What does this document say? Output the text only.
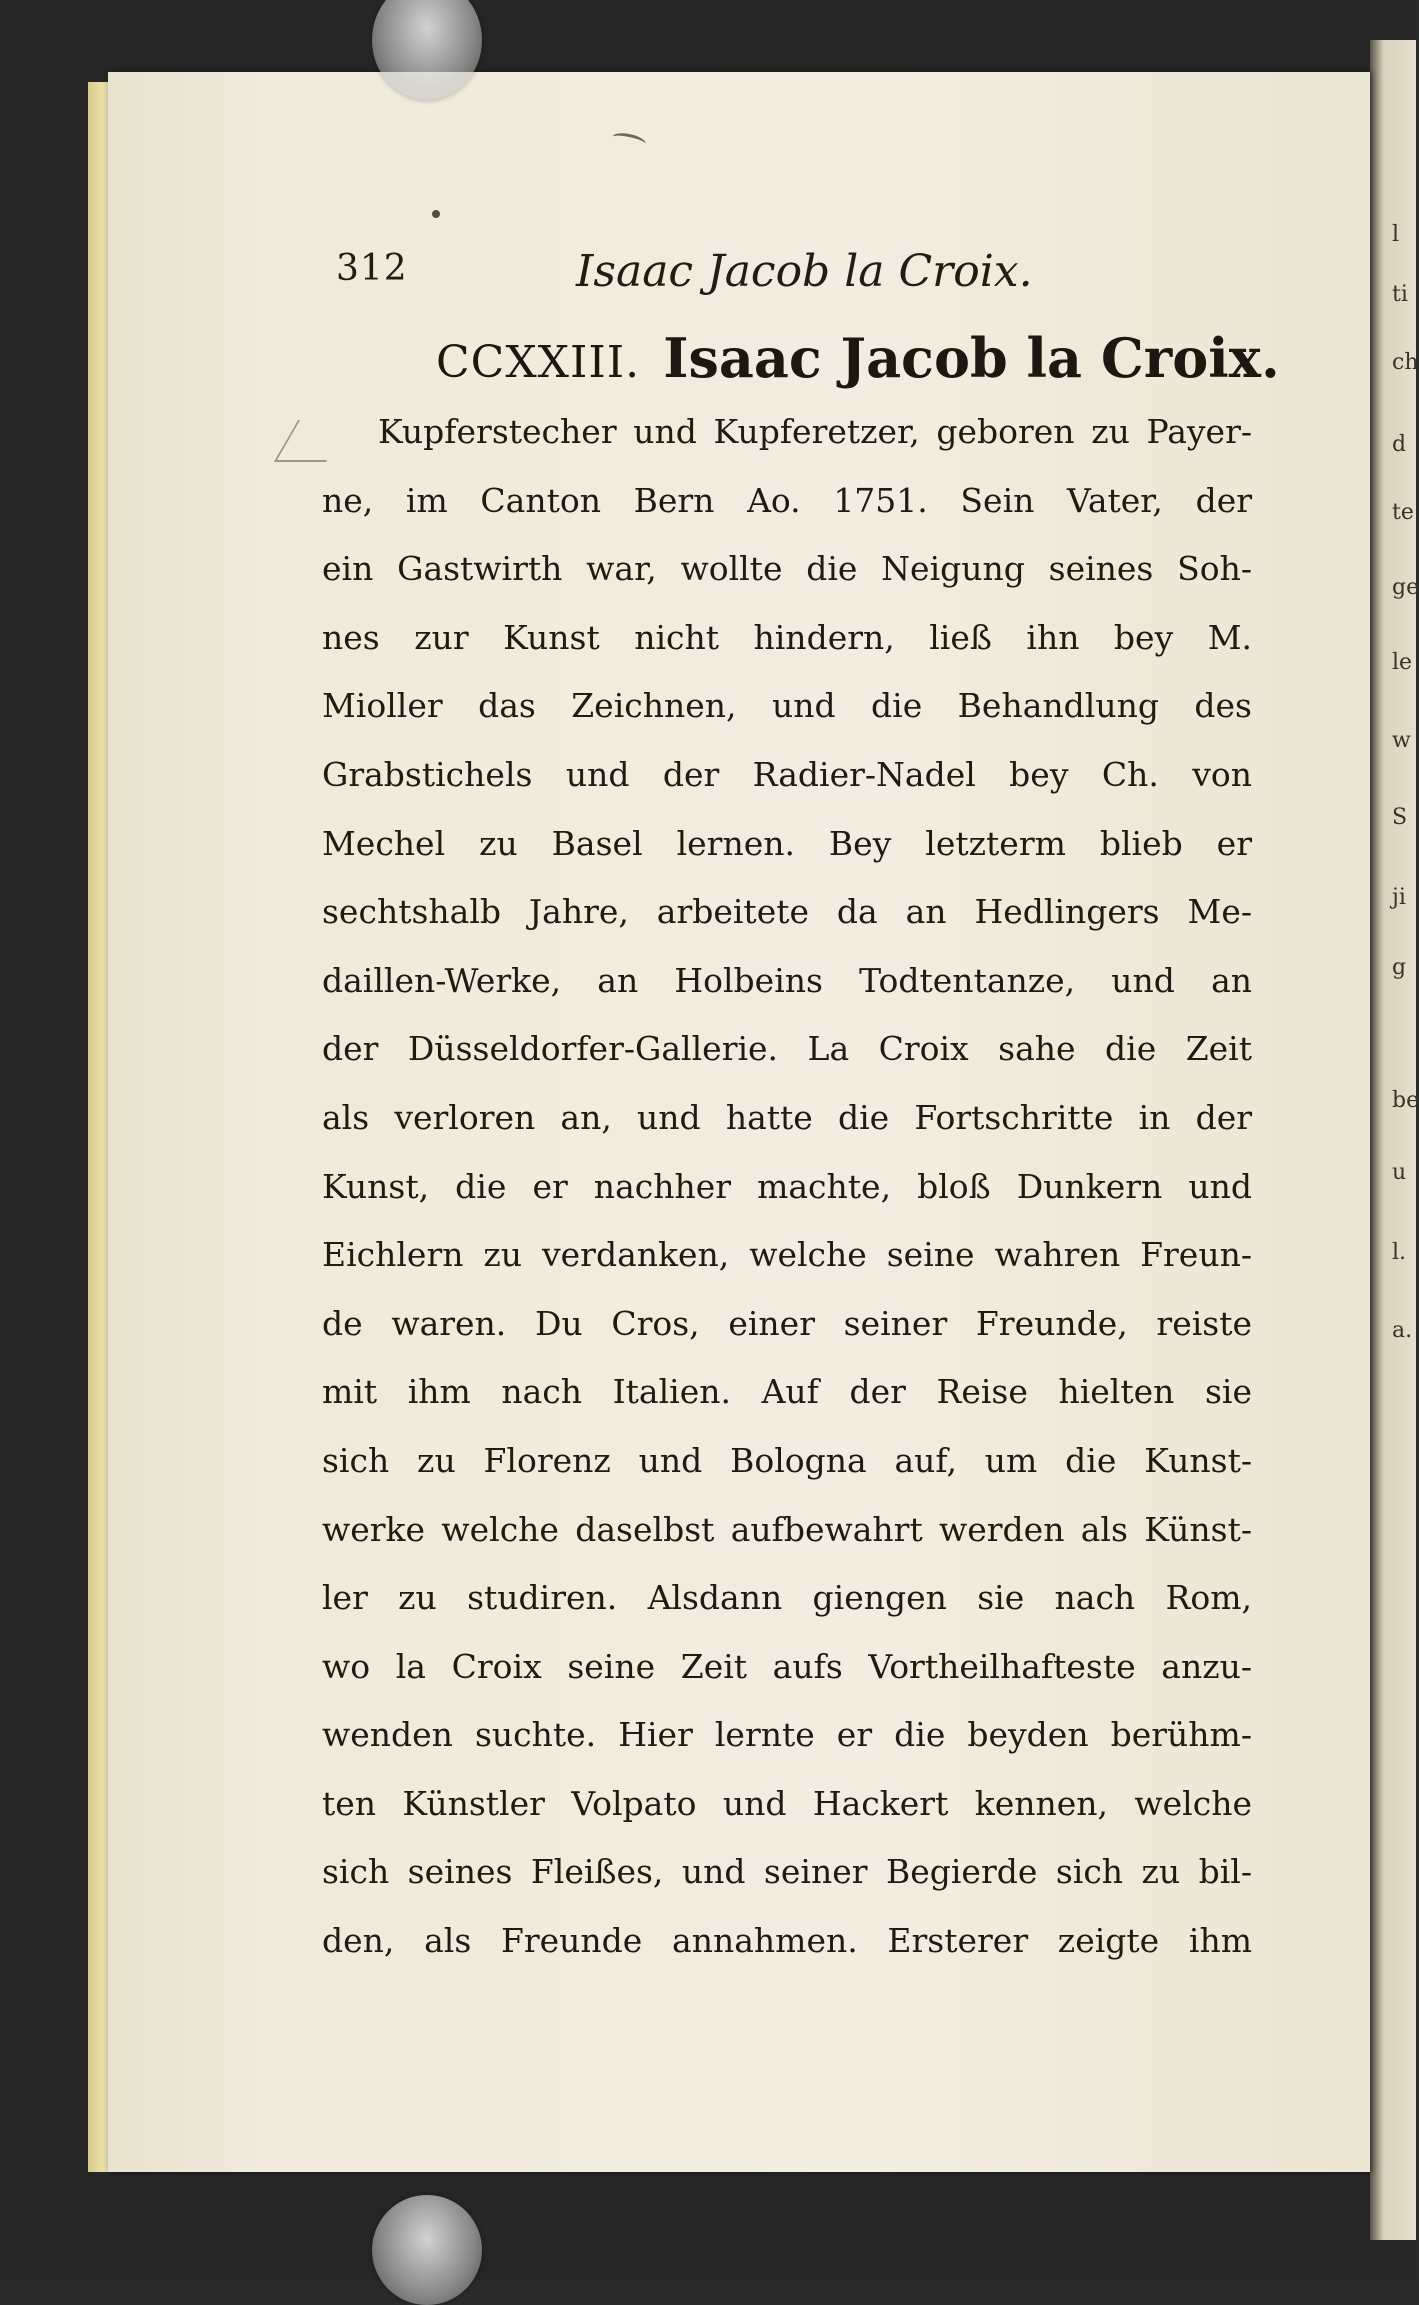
l
ti
ch
d
te
ge
le
w
S
ji
g
be
u
l.
a.
312	Isaac Jacob la Croix.
CCXXIII. Isaac Jacob la Croix.
Kupferstecher und Kupferetzer, geboren zu Payer-
ne, im Canton Bern Ao. 1751. Sein Vater, der
ein Gastwirth war, wollte die Neigung seines Soh-
nes zur Kunst nicht hindern, ließ ihn bey M.
Mioller das Zeichnen, und die Behandlung des
Grabstichels und der Radier-Nadel bey Ch. von
Mechel zu Basel lernen. Bey letzterm blieb er
sechtshalb Jahre, arbeitete da an Hedlingers Me-
daillen-Werke, an Holbeins Todtentanze, und an
der Düsseldorfer-Gallerie. La Croix sahe die Zeit
als verloren an, und hatte die Fortschritte in der
Kunst, die er nachher machte, bloß Dunkern und
Eichlern zu verdanken, welche seine wahren Freun-
de waren. Du Cros, einer seiner Freunde, reiste
mit ihm nach Italien. Auf der Reise hielten sie
sich zu Florenz und Bologna auf, um die Kunst-
werke welche daselbst aufbewahrt werden als Künst-
ler zu studiren. Alsdann giengen sie nach Rom,
wo la Croix seine Zeit aufs Vortheilhafteste anzu-
wenden suchte. Hier lernte er die beyden berühm-
ten Künstler Volpato und Hackert kennen, welche
sich seines Fleißes, und seiner Begierde sich zu bil-
den, als Freunde annahmen. Ersterer zeigte ihm
